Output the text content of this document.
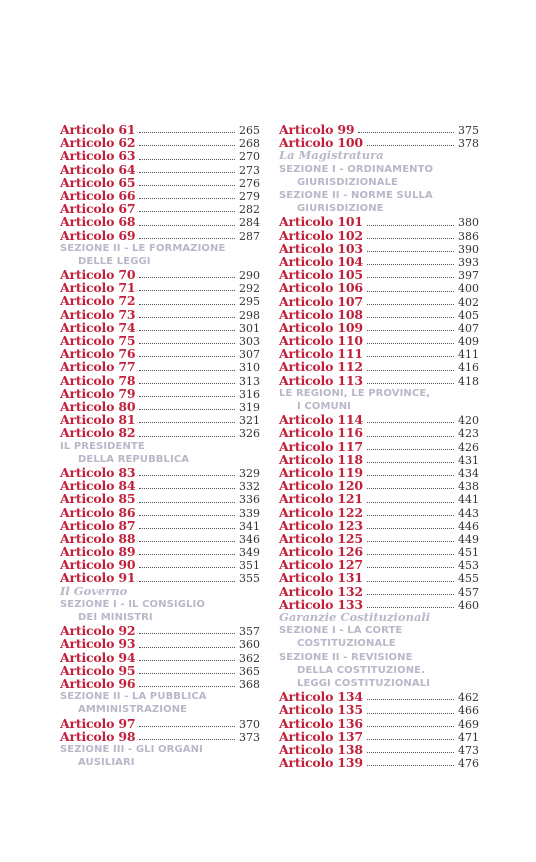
Articolo 61	265
Articolo 62	268
Articolo 63	270
Articolo 64	273
Articolo 65	276
Articolo 66	279
Articolo 67	282
Articolo 68	284
Articolo 69	287
SEZIONE II - LE FORMAZIONE
DELLE LEGGI
Articolo 70	290
Articolo 71	292
Articolo 72	295
Articolo 73	298
Articolo 74	301
Articolo 75	303
Articolo 76	307
Articolo 77	310
Articolo 78	313
Articolo 79	316
Articolo 80	319
Articolo 81	321
Articolo 82	326
IL PRESIDENTE
DELLA REPUBBLICA
Articolo 83	329
Articolo 84	332
Articolo 85	336
Articolo 86	339
Articolo 87	341
Articolo 88	346
Articolo 89	349
Articolo 90	351
Articolo 91	355
Il Governo
SEZIONE I - IL CONSIGLIO
DEI MINISTRI
Articolo 92	357
Articolo 93	360
Articolo 94	362
Articolo 95	365
Articolo 96	368
SEZIONE II - LA PUBBLICA
AMMINISTRAZIONE
Articolo 97	370
Articolo 98	373
SEZIONE III - GLI ORGANI
AUSILIARI
Articolo 99	375
Articolo 100	378
La Magistratura
SEZIONE I - ORDINAMENTO
GIURISDIZIONALE
SEZIONE II - NORME SULLA
GIURISDIZIONE
Articolo 101	380
Articolo 102	386
Articolo 103	390
Articolo 104	393
Articolo 105	397
Articolo 106	400
Articolo 107	402
Articolo 108	405
Articolo 109	407
Articolo 110	409
Articolo 111	411
Articolo 112	416
Articolo 113	418
LE REGIONI, LE PROVINCE,
I COMUNI
Articolo 114	420
Articolo 116	423
Articolo 117	426
Articolo 118	431
Articolo 119	434
Articolo 120	438
Articolo 121	441
Articolo 122	443
Articolo 123	446
Articolo 125	449
Articolo 126	451
Articolo 127	453
Articolo 131	455
Articolo 132	457
Articolo 133	460
Garanzie Costituzionali
SEZIONE I - LA CORTE
COSTITUZIONALE
SEZIONE II - REVISIONE
DELLA COSTITUZIONE.
LEGGI COSTITUZIONALI
Articolo 134	462
Articolo 135	466
Articolo 136	469
Articolo 137	471
Articolo 138	473
Articolo 139	476
